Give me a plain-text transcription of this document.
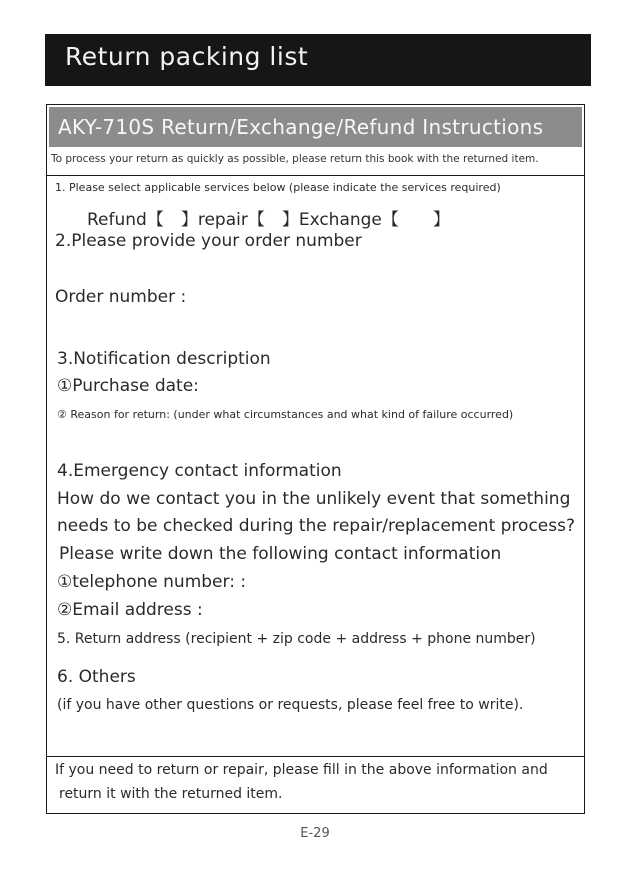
Return packing list
AKY-710S Return/Exchange/Refund Instructions
To process your return as quickly as possible, please return this book with the returned item.
1. Please select applicable services below (please indicate the services required)
Refund【　】repair【　】Exchange【　　】
2.Please provide your order number
Order number :
3.Notification description
①Purchase date:
② Reason for return: (under what circumstances and what kind of failure occurred)
4.Emergency contact information
How do we contact you in the unlikely event that something
needs to be checked during the repair/replacement process?
Please write down the following contact information
①telephone number: :
②Email address :
5. Return address (recipient + zip code + address + phone number)
6. Others
(if you have other questions or requests, please feel free to write).
If you need to return or repair, please fill in the above information and
return it with the returned item.
E-29
